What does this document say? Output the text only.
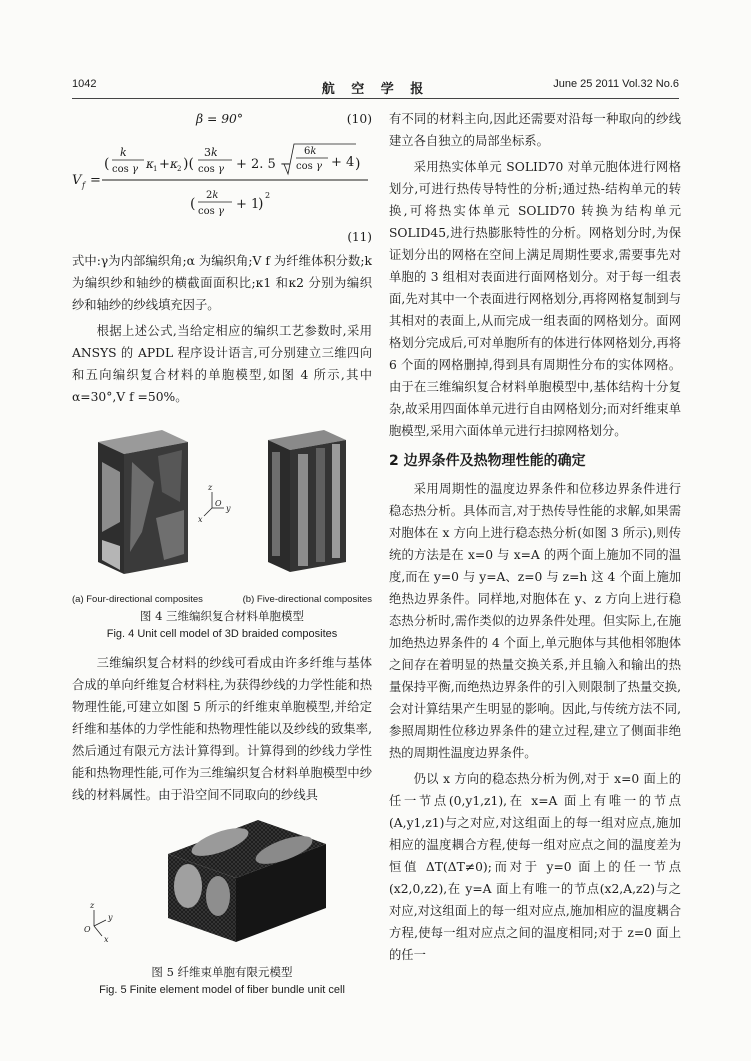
1042	航 空 学 报	June 25 2011 Vol.32 No.6
β = 90°	(10)
V f =
(
k
cos γ κ 1 + κ 2 )(
3k
cos γ + 2. 5 −
6k
cos γ + 4 )
(
2k
cos γ + 1
)
2
(11)

式中:γ为内部编织角;α 为编织角;V f 为纤维体积分数;k 为编织纱和轴纱的横截面面积比;κ1 和κ2 分别为编织纱和轴纱的纱线填充因子。

根据上述公式,当给定相应的编织工艺参数时,采用 ANSYS 的 APDL 程序设计语言,可分别建立三维四向和五向编织复合材料的单胞模型,如图 4 所示,其中 α=30°,V f =50%。

z
y
x
O
(a) Four-directional composites	(b) Five-directional composites
图 4 三维编织复合材料单胞模型
Fig. 4 Unit cell model of 3D braided composites

三维编织复合材料的纱线可看成由许多纤维与基体合成的单向纤维复合材料柱,为获得纱线的力学性能和热物理性能,可建立如图 5 所示的纤维束单胞模型,并给定纤维和基体的力学性能和热物理性能以及纱线的致集率,然后通过有限元方法计算得到。计算得到的纱线力学性能和热物理性能,可作为三维编织复合材料单胞模型中纱线的材料属性。由于沿空间不同取向的纱线具

z
y
x
O
图 5 纤维束单胞有限元模型
Fig. 5 Finite element model of fiber bundle unit cell

有不同的材料主向,因此还需要对沿每一种取向的纱线建立各自独立的局部坐标系。

采用热实体单元 SOLID70 对单元胞体进行网格划分,可进行热传导特性的分析;通过热-结构单元的转换,可将热实体单元 SOLID70 转换为结构单元 SOLID45,进行热膨胀特性的分析。网格划分时,为保证划分出的网格在空间上满足周期性要求,需要事先对单胞的 3 组相对表面进行面网格划分。对于每一组表面,先对其中一个表面进行网格划分,再将网格复制到与其相对的表面上,从而完成一组表面的网格划分。面网格划分完成后,可对单胞所有的体进行体网格划分,再将 6 个面的网格删掉,得到具有周期性分布的实体网格。由于在三维编织复合材料单胞模型中,基体结构十分复杂,故采用四面体单元进行自由网格划分;而对纤维束单胞模型,采用六面体单元进行扫掠网格划分。

2 边界条件及热物理性能的确定

采用周期性的温度边界条件和位移边界条件进行稳态热分析。具体而言,对于热传导性能的求解,如果需对胞体在 x 方向上进行稳态热分析(如图 3 所示),则传统的方法是在 x=0 与 x=A 的两个面上施加不同的温度,而在 y=0 与 y=A、z=0 与 z=h 这 4 个面上施加绝热边界条件。同样地,对胞体在 y、z 方向上进行稳态热分析时,需作类似的边界条件处理。但实际上,在施加绝热边界条件的 4 个面上,单元胞体与其他相邻胞体之间存在着明显的热量交换关系,并且输入和输出的热量保持平衡,而绝热边界条件的引入则限制了热量交换,会对计算结果产生明显的影响。因此,与传统方法不同,参照周期性位移边界条件的建立过程,建立了侧面非绝热的周期性温度边界条件。

仍以 x 方向的稳态热分析为例,对于 x=0 面上的任一节点(0,y1,z1),在 x=A 面上有唯一的节点(A,y1,z1)与之对应,对这组面上的每一组对应点,施加相应的温度耦合方程,使每一组对应点之间的温度差为恒值 ΔT(ΔT≠0);而对于 y=0 面上的任一节点(x2,0,z2),在 y=A 面上有唯一的节点(x2,A,z2)与之对应,对这组面上的每一组对应点,施加相应的温度耦合方程,使每一组对应点之间的温度相同;对于 z=0 面上的任一
